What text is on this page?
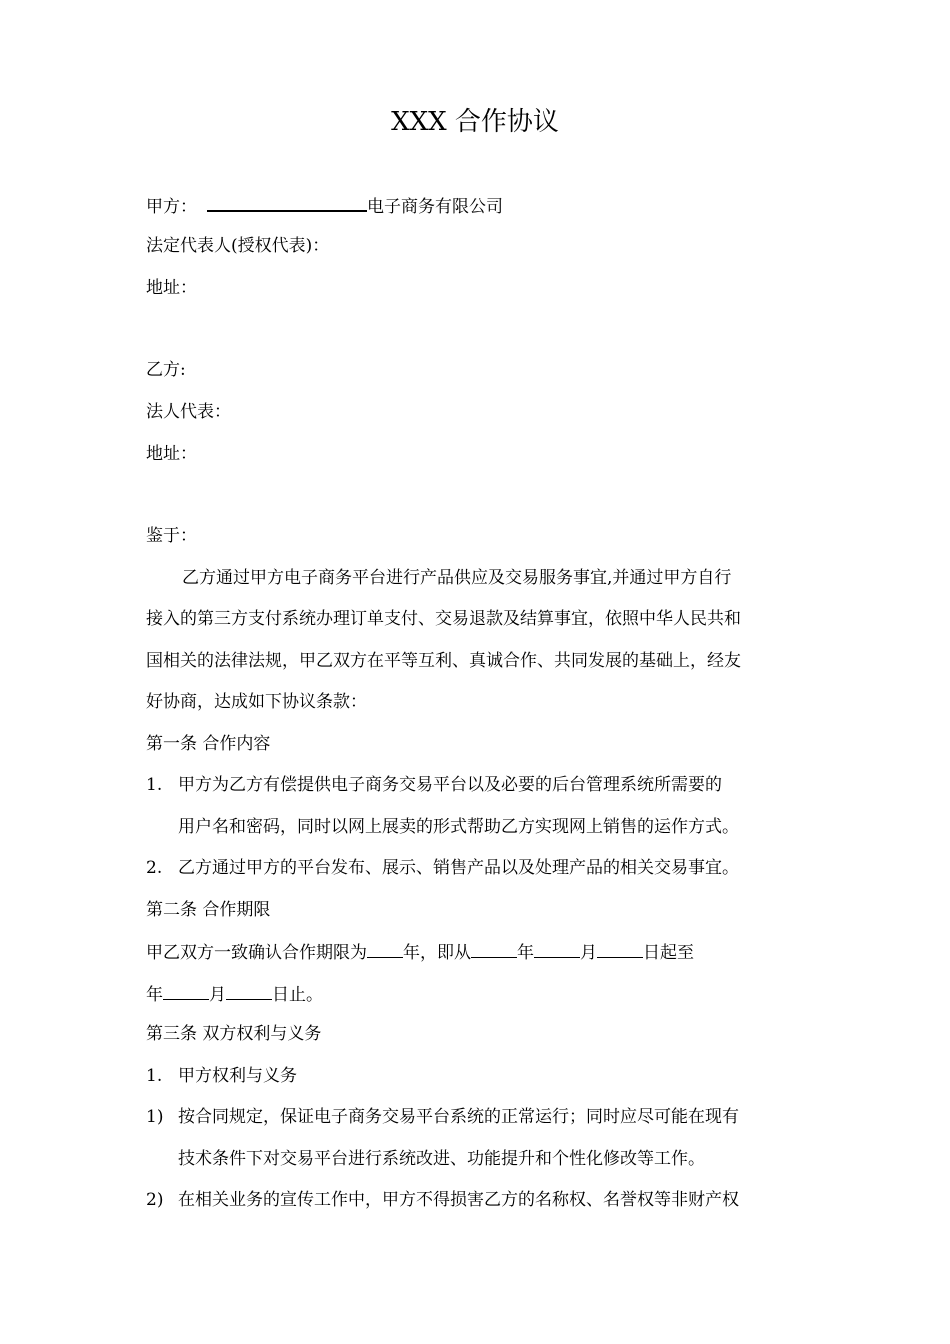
XXX 合作协议
甲方：	电子商务有限公司
法定代表人(授权代表)：
地址：
乙方:
法人代表：
地址：
鉴于：
乙方通过甲方电子商务平台进行产品供应及交易服务事宜,并通过甲方自行
接入的第三方支付系统办理订单支付、交易退款及结算事宜，依照中华人民共和
国相关的法律法规，甲乙双方在平等互利、真诚合作、共同发展的基础上，经友
好协商，达成如下协议条款：
第一条 合作内容
1. 甲方为乙方有偿提供电子商务交易平台以及必要的后台管理系统所需要的
用户名和密码，同时以网上展卖的形式帮助乙方实现网上销售的运作方式。
2. 乙方通过甲方的平台发布、展示、销售产品以及处理产品的相关交易事宜。
第二条 合作期限
甲乙双方一致确认合作期限为 年，即从	年	月	日起至
年	月	日止。
第三条 双方权利与义务
1. 甲方权利与义务
1) 按合同规定，保证电子商务交易平台系统的正常运行；同时应尽可能在现有
技术条件下对交易平台进行系统改进、功能提升和个性化修改等工作。
2) 在相关业务的宣传工作中，甲方不得损害乙方的名称权、名誉权等非财产权
